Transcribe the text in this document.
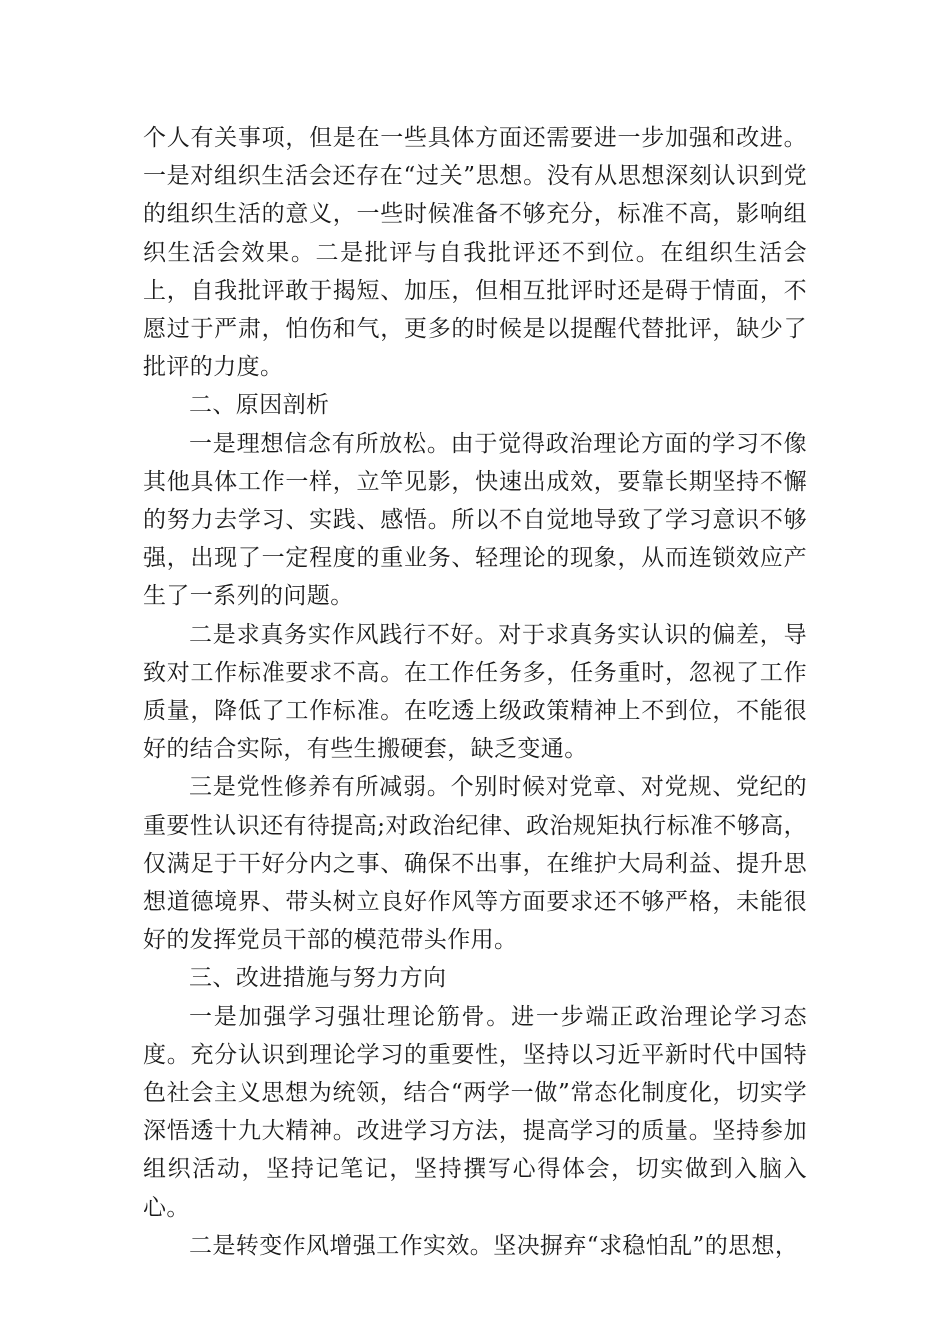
个人有关事项，但是在一些具体方面还需要进一步加强和改进。一是对组织生活会还存在“过关”思想。没有从思想深刻认识到党的组织生活的意义，一些时候准备不够充分，标准不高，影响组织生活会效果。二是批评与自我批评还不到位。在组织生活会上，自我批评敢于揭短、加压，但相互批评时还是碍于情面，不愿过于严肃，怕伤和气，更多的时候是以提醒代替批评，缺少了批评的力度。

二、原因剖析

一是理想信念有所放松。由于觉得政治理论方面的学习不像其他具体工作一样，立竿见影，快速出成效，要靠长期坚持不懈的努力去学习、实践、感悟。所以不自觉地导致了学习意识不够强，出现了一定程度的重业务、轻理论的现象，从而连锁效应产生了一系列的问题。

二是求真务实作风践行不好。对于求真务实认识的偏差，导致对工作标准要求不高。在工作任务多，任务重时，忽视了工作质量，降低了工作标准。在吃透上级政策精神上不到位，不能很好的结合实际，有些生搬硬套，缺乏变通。

三是党性修养有所减弱。个别时候对党章、对党规、党纪的重要性认识还有待提高;对政治纪律、政治规矩执行标准不够高，仅满足于干好分内之事、确保不出事，在维护大局利益、提升思想道德境界、带头树立良好作风等方面要求还不够严格，未能很好的发挥党员干部的模范带头作用。

三、改进措施与努力方向

一是加强学习强壮理论筋骨。进一步端正政治理论学习态度。充分认识到理论学习的重要性，坚持以习近平新时代中国特色社会主义思想为统领，结合“两学一做”常态化制度化，切实学深悟透十九大精神。改进学习方法，提高学习的质量。坚持参加组织活动，坚持记笔记，坚持撰写心得体会，切实做到入脑入心。

二是转变作风增强工作实效。坚决摒弃“求稳怕乱”的思想，
